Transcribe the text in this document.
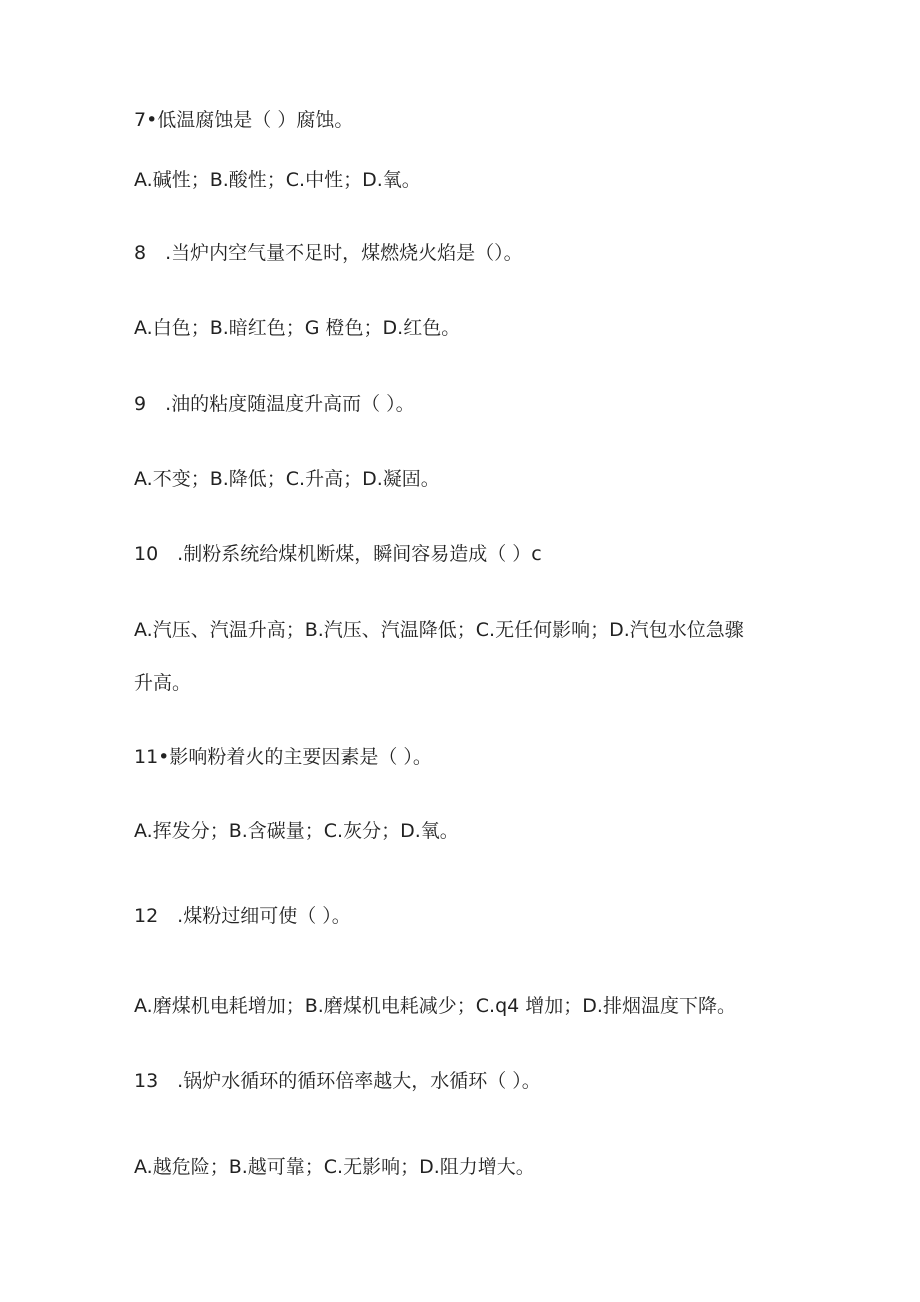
7•低温腐蚀是（ ）腐蚀。
A.碱性；B.酸性；C.中性；D.氧。
8　.当炉内空气量不足时，煤燃烧火焰是（）。
A.白色；B.暗红色；G 橙色；D.红色。
9　.油的粘度随温度升高而（ ）。
A.不变；B.降低；C.升高；D.凝固。
10　.制粉系统给煤机断煤，瞬间容易造成（ ）c
A.汽压、汽温升高；B.汽压、汽温降低；C.无任何影响；D.汽包水位急骤
升高。
11•影响粉着火的主要因素是（ ）。
A.挥发分；B.含碳量；C.灰分；D.氧。
12　.煤粉过细可使（ ）。
A.磨煤机电耗增加；B.磨煤机电耗减少；C.q4 增加；D.排烟温度下降。
13　.锅炉水循环的循环倍率越大，水循环（ ）。
A.越危险；B.越可靠；C.无影响；D.阻力增大。
